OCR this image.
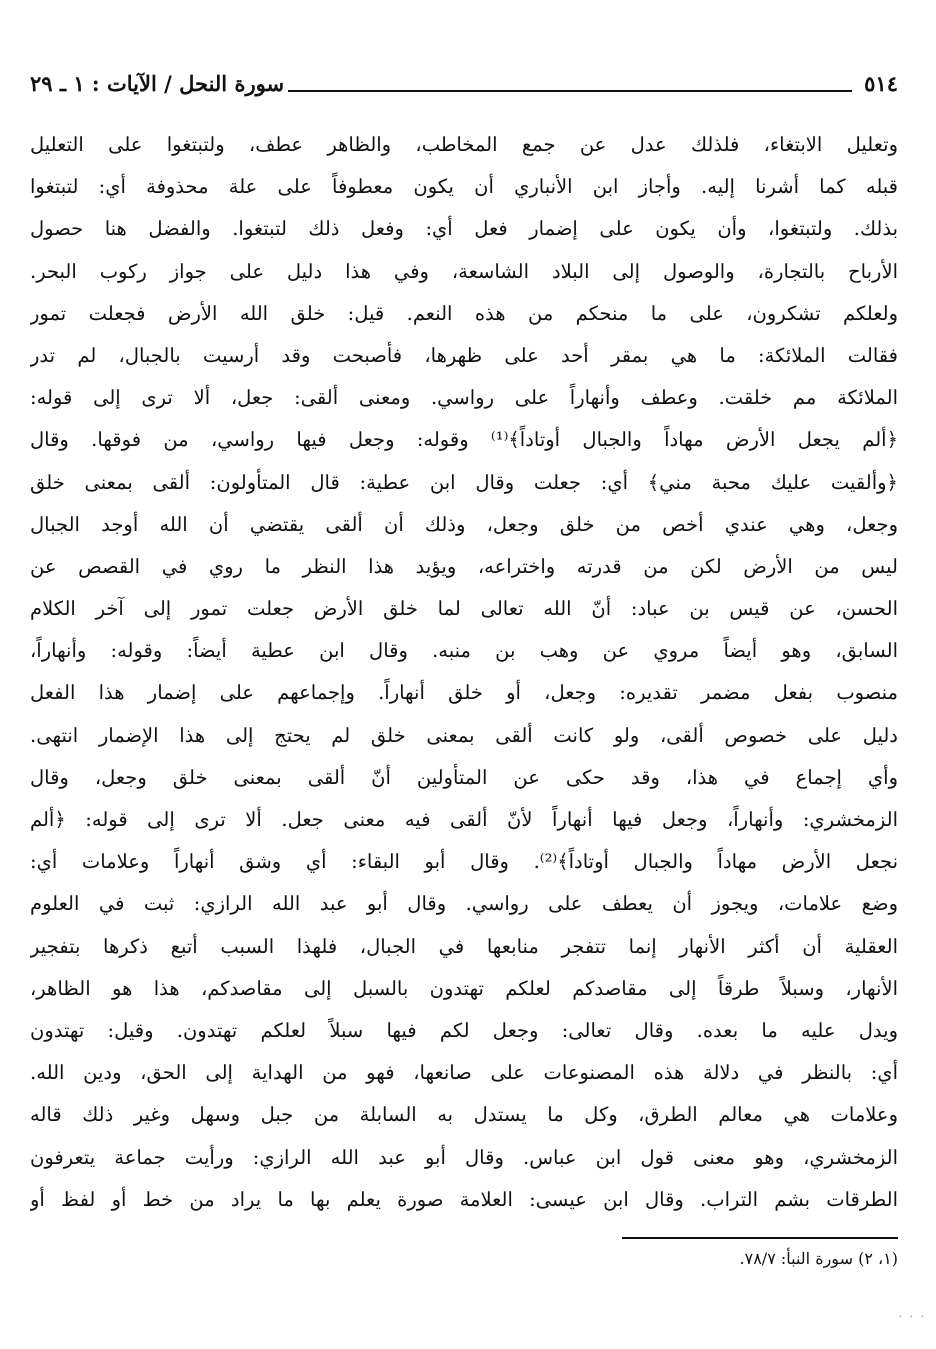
٥١٤
سورة النحل / الآيات : ١ ـ ٢٩
وتعليل الابتغاء، فلذلك عدل عن جمع المخاطب، والظاهر عطف، ولتبتغوا على التعليل
قبله كما أشرنا إليه. وأجاز ابن الأنباري أن يكون معطوفاً على علة محذوفة أي: لتبتغوا
بذلك. ولتبتغوا، وأن يكون على إضمار فعل أي: وفعل ذلك لتبتغوا. والفضل هنا حصول
الأرباح بالتجارة، والوصول إلى البلاد الشاسعة، وفي هذا دليل على جواز ركوب البحر.
ولعلكم تشكرون، على ما منحكم من هذه النعم. قيل: خلق الله الأرض فجعلت تمور
فقالت الملائكة: ما هي بمقر أحد على ظهرها، فأصبحت وقد أرسيت بالجبال، لم تدر
الملائكة مم خلقت. وعطف وأنهاراً على رواسي. ومعنى ألقى: جعل، ألا ترى إلى قوله:
﴿ألم يجعل الأرض مهاداً والجبال أوتاداً﴾⁽¹⁾ وقوله: وجعل فيها رواسي، من فوقها. وقال
﴿وألقيت عليك محبة مني﴾ أي: جعلت وقال ابن عطية: قال المتأولون: ألقى بمعنى خلق
وجعل، وهي عندي أخص من خلق وجعل، وذلك أن ألقى يقتضي أن الله أوجد الجبال
ليس من الأرض لكن من قدرته واختراعه، ويؤيد هذا النظر ما روي في القصص عن
الحسن، عن قيس بن عباد: أنّ الله تعالى لما خلق الأرض جعلت تمور إلى آخر الكلام
السابق، وهو أيضاً مروي عن وهب بن منبه. وقال ابن عطية أيضاً: وقوله: وأنهاراً،
منصوب بفعل مضمر تقديره: وجعل، أو خلق أنهاراً. وإجماعهم على إضمار هذا الفعل
دليل على خصوص ألقى، ولو كانت ألقى بمعنى خلق لم يحتج إلى هذا الإضمار انتهى.
وأي إجماع في هذا، وقد حكى عن المتأولين أنّ ألقى بمعنى خلق وجعل، وقال
الزمخشري: وأنهاراً، وجعل فيها أنهاراً لأنّ ألقى فيه معنى جعل. ألا ترى إلى قوله: ﴿ألم
نجعل الأرض مهاداً والجبال أوتاداً﴾⁽²⁾. وقال أبو البقاء: أي وشق أنهاراً وعلامات أي:
وضع علامات، ويجوز أن يعطف على رواسي. وقال أبو عبد الله الرازي: ثبت في العلوم
العقلية أن أكثر الأنهار إنما تتفجر منابعها في الجبال، فلهذا السبب أتبع ذكرها بتفجير
الأنهار، وسبلاً طرقاً إلى مقاصدكم لعلكم تهتدون بالسبل إلى مقاصدكم، هذا هو الظاهر،
ويدل عليه ما بعده. وقال تعالى: وجعل لكم فيها سبلاً لعلكم تهتدون. وقيل: تهتدون
أي: بالنظر في دلالة هذه المصنوعات على صانعها، فهو من الهداية إلى الحق، ودين الله.
وعلامات هي معالم الطرق، وكل ما يستدل به السابلة من جبل وسهل وغير ذلك قاله
الزمخشري، وهو معنى قول ابن عباس. وقال أبو عبد الله الرازي: ورأيت جماعة يتعرفون
الطرقات بشم التراب. وقال ابن عيسى: العلامة صورة يعلم بها ما يراد من خط أو لفظ أو
(١، ٢) سورة النبأ: ٧٨/٧.
· · ·
